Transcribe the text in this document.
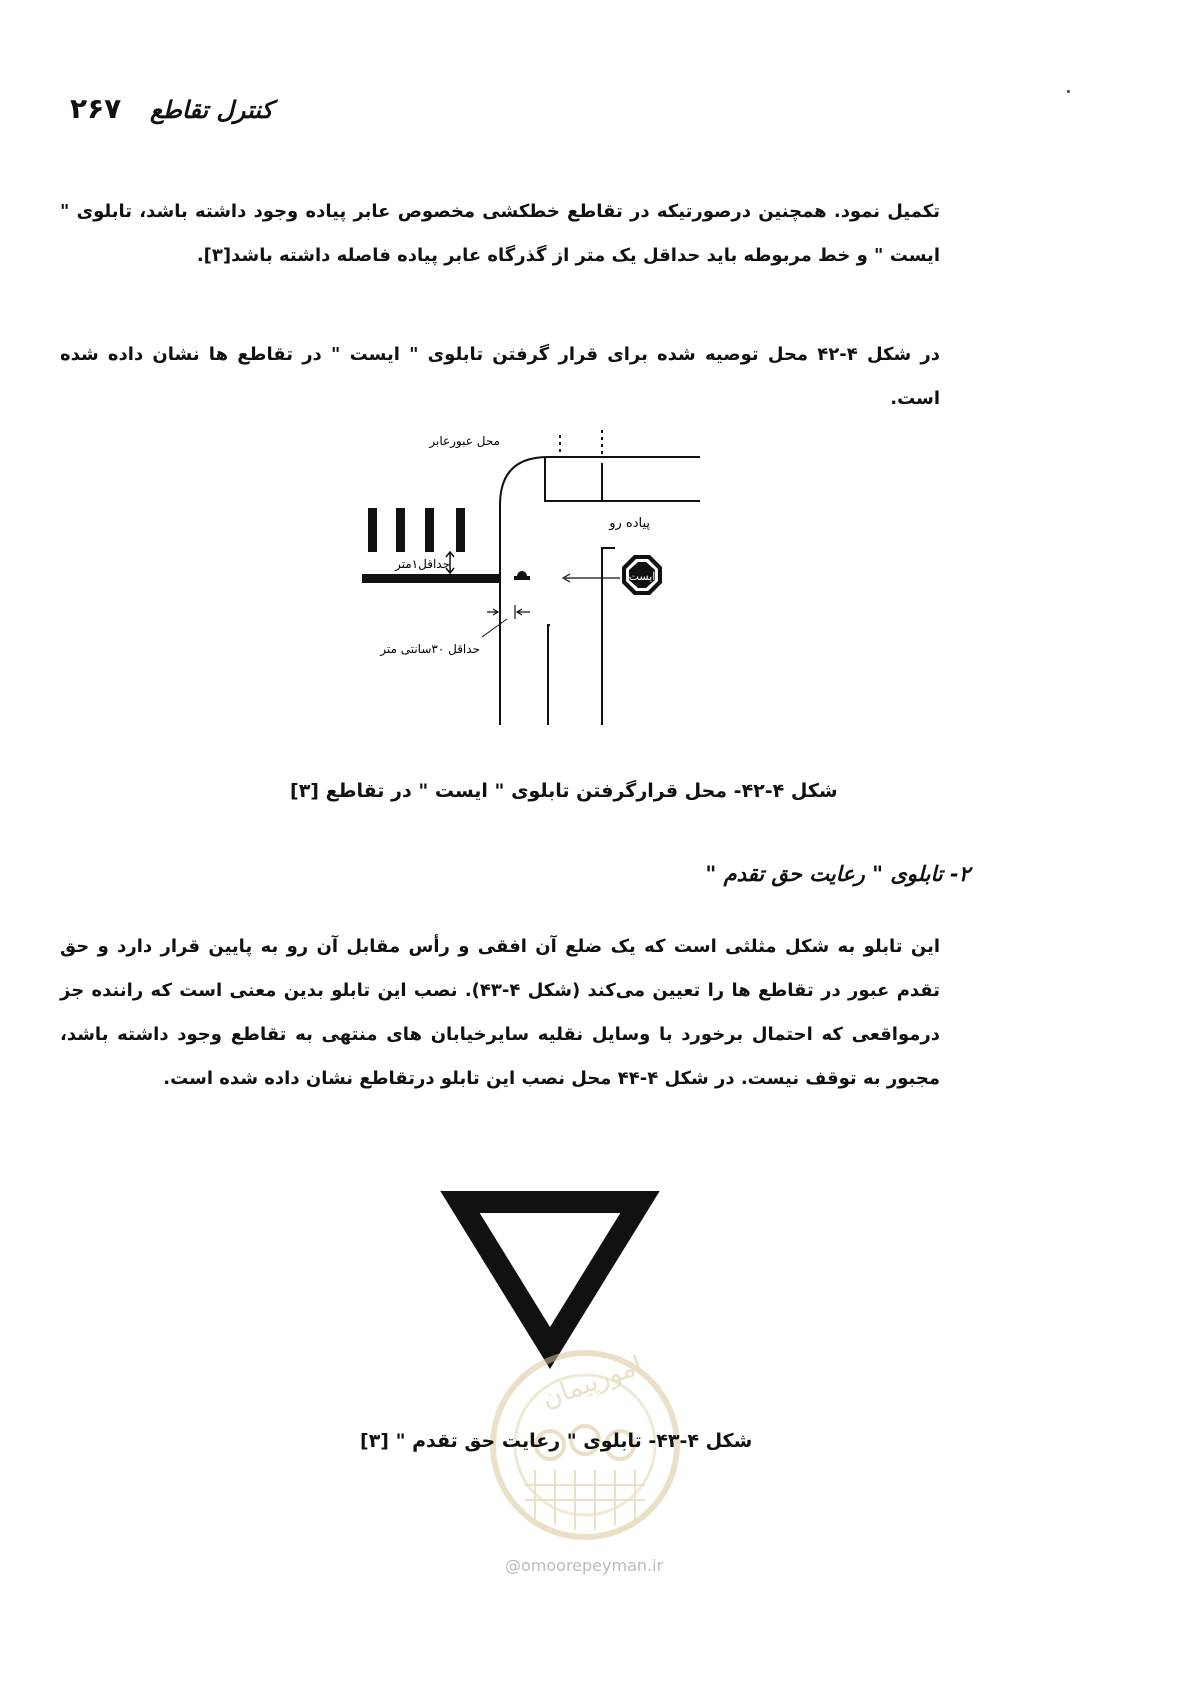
۲۶۷ کنترل تقاطع
تکمیل نمود. همچنین درصورتیکه در تقاطع خطکشی مخصوص عابر پیاده وجود داشته باشد، تابلوی " ایست " و خط مربوطه باید حداقل یک متر از گذرگاه عابر پیاده فاصله داشته باشد[۳].
در شکل ۴-۴۲ محل توصیه شده برای قرار گرفتن تابلوی " ایست " در تقاطع ها نشان داده شده است.
ایست
محل عبورعابر
پیاده رو
حداقل۱متر
حداقل ۳۰سانتی متر
شکل ۴-۴۲- محل قرارگرفتن تابلوی " ایست " در تقاطع [۳]
۲- تابلوی " رعایت حق تقدم "
این تابلو به شکل مثلثی است که یک ضلع آن افقی و رأس مقابل آن رو به پایین قرار دارد و حق تقدم عبور در تقاطع ها را تعیین می‌کند (شکل ۴-۴۳). نصب این تابلو بدین معنی است که راننده جز درمواقعی که احتمال برخورد با وسایل نقلیه سایرخیابان های منتهی به تقاطع وجود داشته باشد، مجبور به توقف نیست. در شکل ۴-۴۴ محل نصب این تابلو درتقاطع نشان داده شده است.
امورپیمان
شکل ۴-۴۳- تابلوی " رعایت حق تقدم " [۳]
@omoorepeyman.ir
